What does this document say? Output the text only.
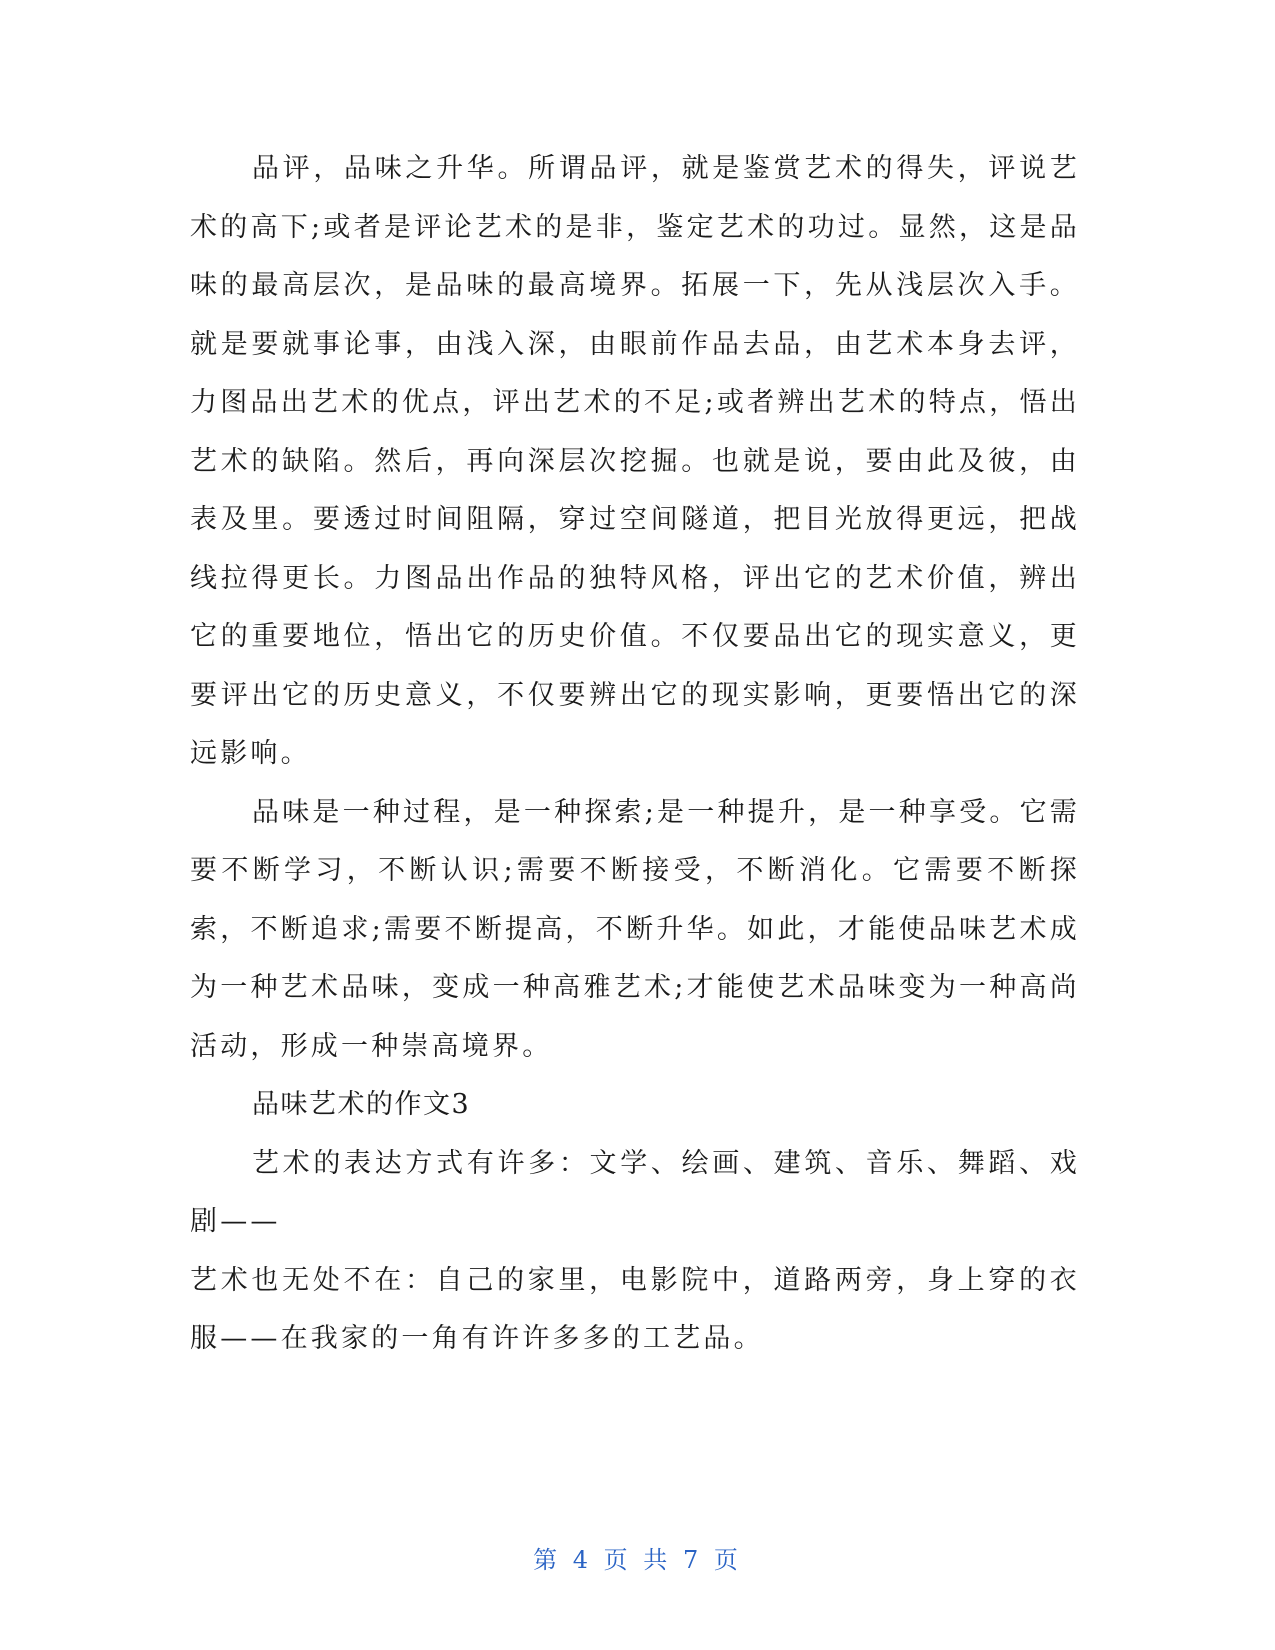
品评，品味之升华。所谓品评，就是鉴赏艺术的得失，评说艺术的高下;或者是评论艺术的是非，鉴定艺术的功过。显然，这是品味的最高层次，是品味的最高境界。拓展一下，先从浅层次入手。就是要就事论事，由浅入深，由眼前作品去品，由艺术本身去评，力图品出艺术的优点，评出艺术的不足;或者辨出艺术的特点，悟出艺术的缺陷。然后，再向深层次挖掘。也就是说，要由此及彼，由表及里。要透过时间阻隔，穿过空间隧道，把目光放得更远，把战线拉得更长。力图品出作品的独特风格，评出它的艺术价值，辨出它的重要地位，悟出它的历史价值。不仅要品出它的现实意义，更要评出它的历史意义，不仅要辨出它的现实影响，更要悟出它的深远影响。

品味是一种过程，是一种探索;是一种提升，是一种享受。它需要不断学习，不断认识;需要不断接受，不断消化。它需要不断探索，不断追求;需要不断提高，不断升华。如此，才能使品味艺术成为一种艺术品味，变成一种高雅艺术;才能使艺术品味变为一种高尚活动，形成一种崇高境界。

品味艺术的作文3

艺术的表达方式有许多：文学、绘画、建筑、音乐、舞蹈、戏剧——

艺术也无处不在：自己的家里，电影院中，道路两旁，身上穿的衣服——在我家的一角有许许多多的工艺品。

第 4 页 共 7 页
